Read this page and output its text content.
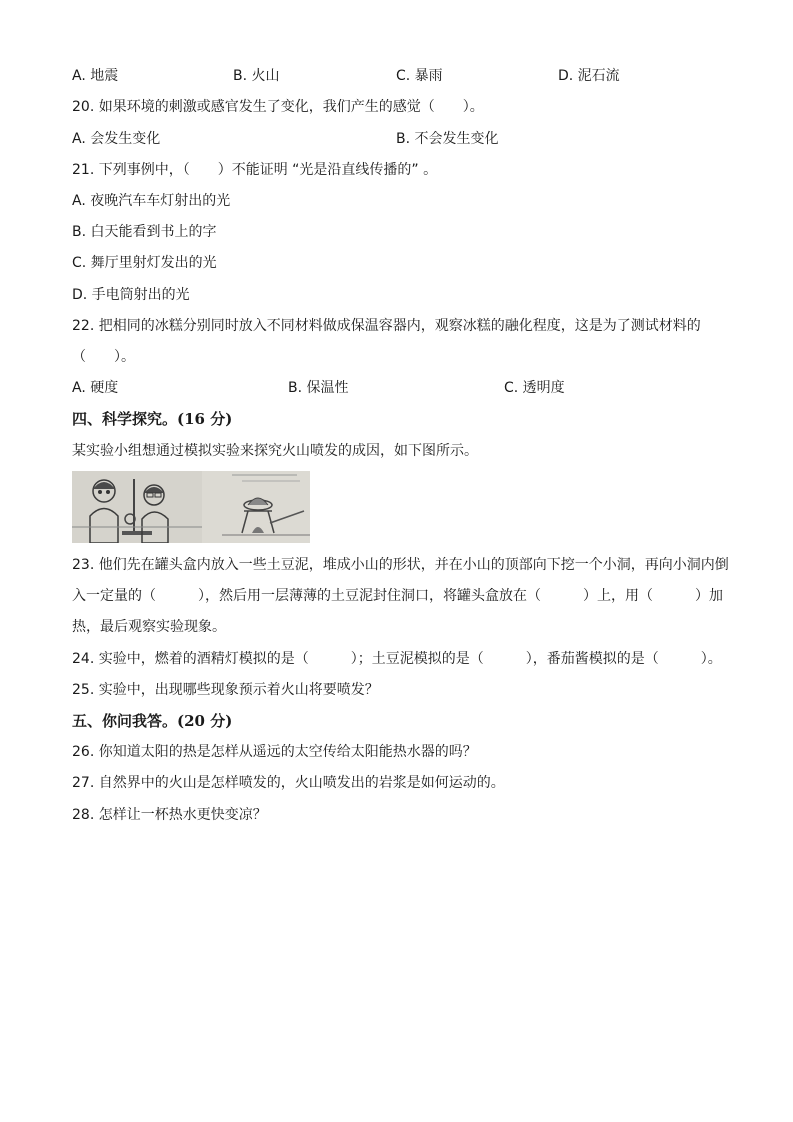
A. 地震	B. 火山	C. 暴雨	D. 泥石流
20. 如果环境的刺激或感官发生了变化，我们产生的感觉（　　）。
A. 会发生变化	B. 不会发生变化
21. 下列事例中，（　　）不能证明 “光是沿直线传播的” 。
A. 夜晚汽车车灯射出的光
B. 白天能看到书上的字
C. 舞厅里射灯发出的光
D. 手电筒射出的光
22. 把相同的冰糕分别同时放入不同材料做成保温容器内，观察冰糕的融化程度，这是为了测试材料的
（　　）。
A. 硬度	B. 保温性	C. 透明度
四、科学探究。(16 分)
某实验小组想通过模拟实验来探究火山喷发的成因，如下图所示。
23. 他们先在罐头盒内放入一些土豆泥，堆成小山的形状，并在小山的顶部向下挖一个小洞，再向小洞内倒
入一定量的（　　　），然后用一层薄薄的土豆泥封住洞口，将罐头盒放在（　　　）上，用（　　　）加
热，最后观察实验现象。
24. 实验中，燃着的酒精灯模拟的是（　　　）；土豆泥模拟的是（　　　），番茄酱模拟的是（　　　）。
25. 实验中，出现哪些现象预示着火山将要喷发？
五、你问我答。(20 分)
26. 你知道太阳的热是怎样从遥远的太空传给太阳能热水器的吗？
27. 自然界中的火山是怎样喷发的，火山喷发出的岩浆是如何运动的。
28. 怎样让一杯热水更快变凉？
